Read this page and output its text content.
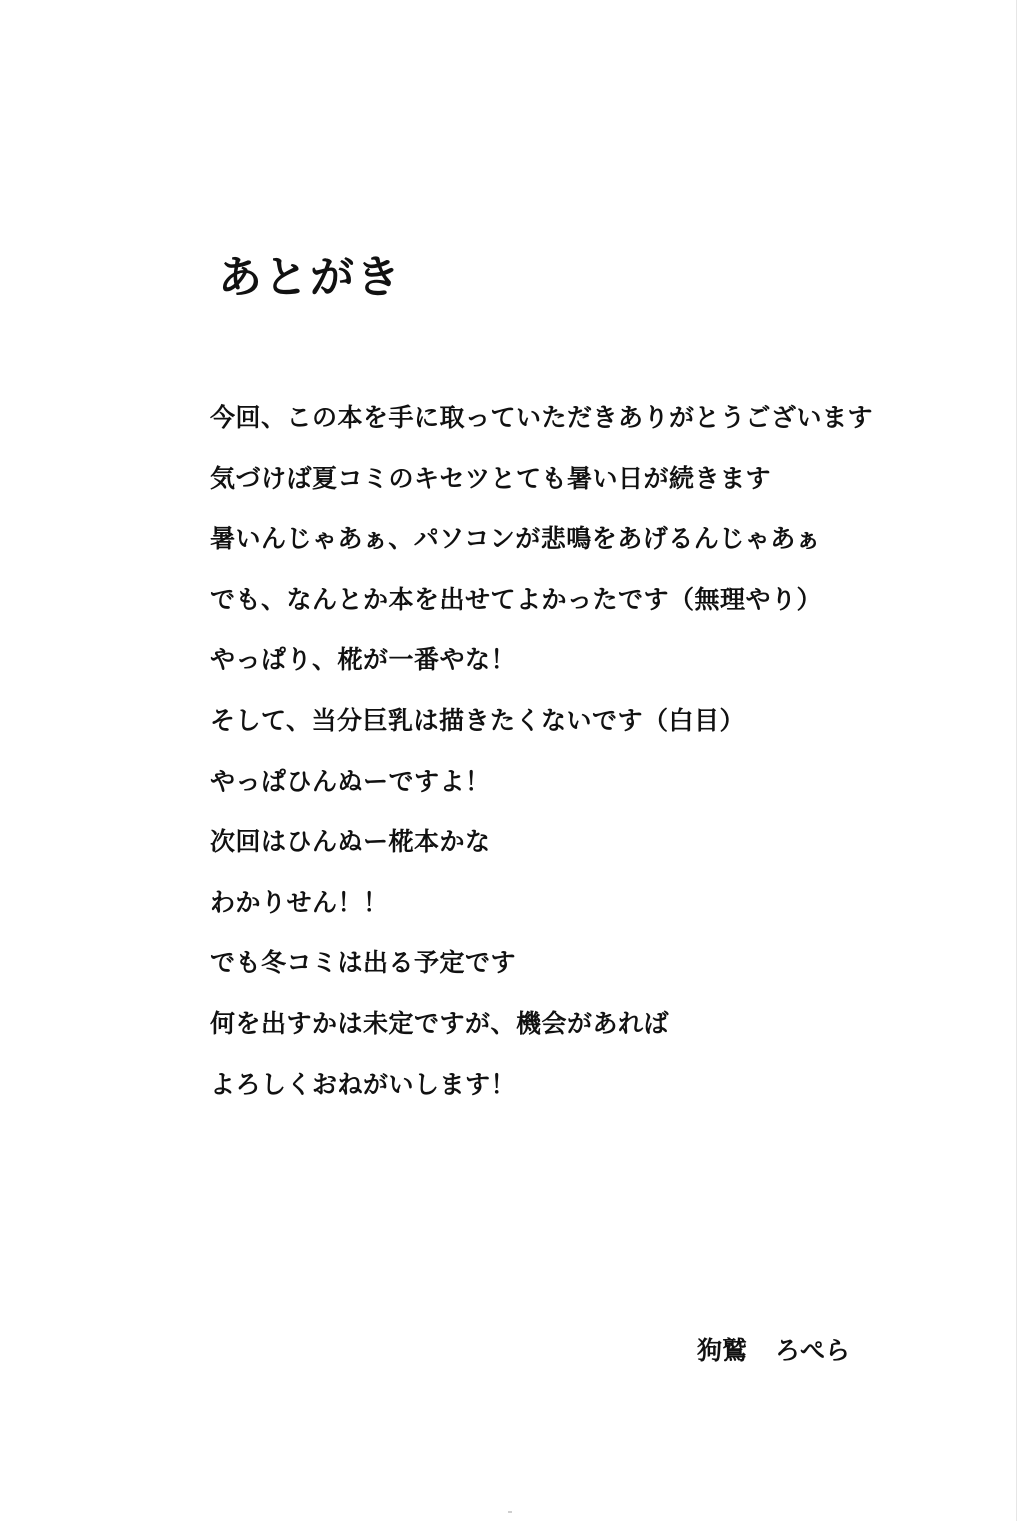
あとがき
今回、この本を手に取っていただきありがとうございます
気づけば夏コミのキセツとても暑い日が続きます
暑いんじゃあぁ、パソコンが悲鳴をあげるんじゃあぁ
でも、なんとか本を出せてよかったです（無理やり）
やっぱり、椛が一番やな！
そして、当分巨乳は描きたくないです（白目）
やっぱひんぬーですよ！
次回はひんぬー椛本かな
わかりせん！！
でも冬コミは出る予定です
何を出すかは未定ですが、機会があれば
よろしくおねがいします！
狗鷲 ろぺら
